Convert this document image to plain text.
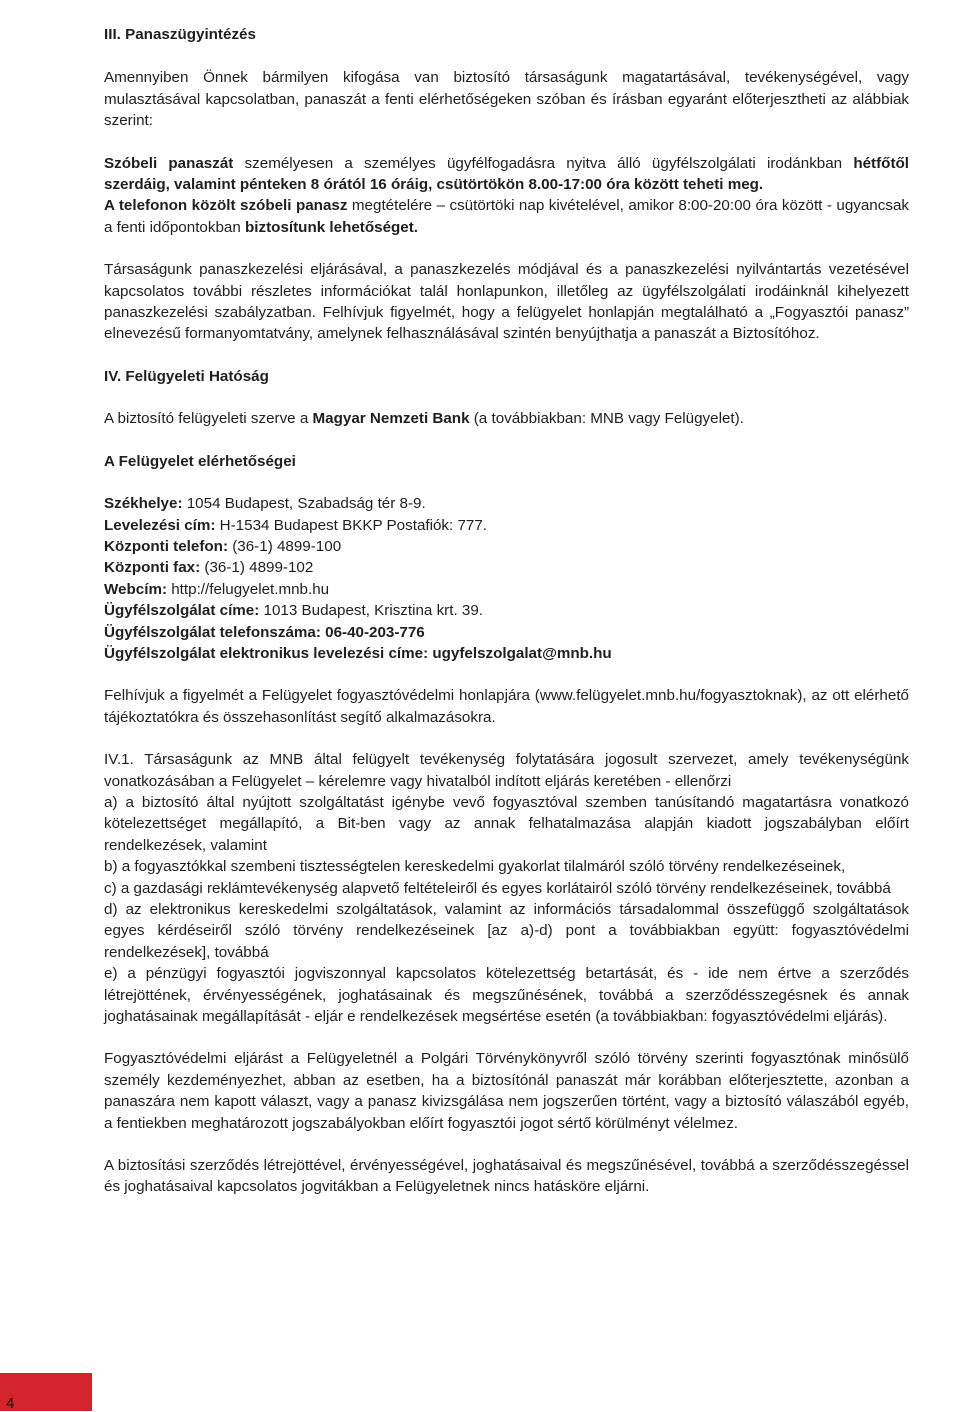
III. Panaszügyintézés

Amennyiben Önnek bármilyen kifogása van biztosító társaságunk magatartásával, tevékenységével, vagy mulasztásával kapcsolatban, panaszát a fenti elérhetőségeken szóban és írásban egyaránt előterjesztheti az alábbiak szerint:

Szóbeli panaszát személyesen a személyes ügyfélfogadásra nyitva álló ügyfélszolgálati irodánkban hétfőtől szerdáig, valamint pénteken 8 órától 16 óráig, csütörtökön 8.00-17:00 óra között teheti meg.

A telefonon közölt szóbeli panasz megtételére – csütörtöki nap kivételével, amikor 8:00-20:00 óra között - ugyancsak a fenti időpontokban biztosítunk lehetőséget.

Társaságunk panaszkezelési eljárásával, a panaszkezelés módjával és a panaszkezelési nyilvántartás vezetésével kapcsolatos további részletes információkat talál honlapunkon, illetőleg az ügyfélszolgálati irodáinknál kihelyezett panaszkezelési szabályzatban. Felhívjuk figyelmét, hogy a felügyelet honlapján megtalálható a „Fogyasztói panasz” elnevezésű formanyomtatvány, amelynek felhasználásával szintén benyújthatja a panaszát a Biztosítóhoz.

IV. Felügyeleti Hatóság

A biztosító felügyeleti szerve a Magyar Nemzeti Bank (a továbbiakban: MNB vagy Felügyelet).

A Felügyelet elérhetőségei

Székhelye: 1054 Budapest, Szabadság tér 8-9.
Levelezési cím: H-1534 Budapest BKKP Postafiók: 777.
Központi telefon: (36-1) 4899-100
Központi fax: (36-1) 4899-102
Webcím: http://felugyelet.mnb.hu
Ügyfélszolgálat címe: 1013 Budapest, Krisztina krt. 39.
Ügyfélszolgálat telefonszáma: 06-40-203-776
Ügyfélszolgálat elektronikus levelezési címe: ugyfelszolgalat@mnb.hu

Felhívjuk a figyelmét a Felügyelet fogyasztóvédelmi honlapjára (www.felügyelet.mnb.hu/fogyasztoknak), az ott elérhető tájékoztatókra és összehasonlítást segítő alkalmazásokra.

IV.1. Társaságunk az MNB által felügyelt tevékenység folytatására jogosult szervezet, amely tevékenységünk vonatkozásában a Felügyelet – kérelemre vagy hivatalból indított eljárás keretében - ellenőrzi

a) a biztosító által nyújtott szolgáltatást igénybe vevő fogyasztóval szemben tanúsítandó magatartásra vonatkozó kötelezettséget megállapító, a Bit-ben vagy az annak felhatalmazása alapján kiadott jogszabályban előírt rendelkezések, valamint

b) a fogyasztókkal szembeni tisztességtelen kereskedelmi gyakorlat tilalmáról szóló törvény rendelkezéseinek,

c) a gazdasági reklámtevékenység alapvető feltételeiről és egyes korlátairól szóló törvény rendelkezéseinek, továbbá

d) az elektronikus kereskedelmi szolgáltatások, valamint az információs társadalommal összefüggő szolgáltatások egyes kérdéseiről szóló törvény rendelkezéseinek [az a)-d) pont a továbbiakban együtt: fogyasztóvédelmi rendelkezések], továbbá

e) a pénzügyi fogyasztói jogviszonnyal kapcsolatos kötelezettség betartását, és - ide nem értve a szerződés létrejöttének, érvényességének, joghatásainak és megszűnésének, továbbá a szerződésszegésnek és annak joghatásainak megállapítását - eljár e rendelkezések megsértése esetén (a továbbiakban: fogyasztóvédelmi eljárás).

Fogyasztóvédelmi eljárást a Felügyeletnél a Polgári Törvénykönyvről szóló törvény szerinti fogyasztónak minősülő személy kezdeményezhet, abban az esetben, ha a biztosítónál panaszát már korábban előterjesztette, azonban a panaszára nem kapott választ, vagy a panasz kivizsgálása nem jogszerűen történt, vagy a biztosító válaszából egyéb, a fentiekben meghatározott jogszabályokban előírt fogyasztói jogot sértő körülményt vélelmez.

A biztosítási szerződés létrejöttével, érvényességével, joghatásaival és megszűnésével, továbbá a szerződésszegéssel és joghatásaival kapcsolatos jogvitákban a Felügyeletnek nincs hatásköre eljárni.

4
